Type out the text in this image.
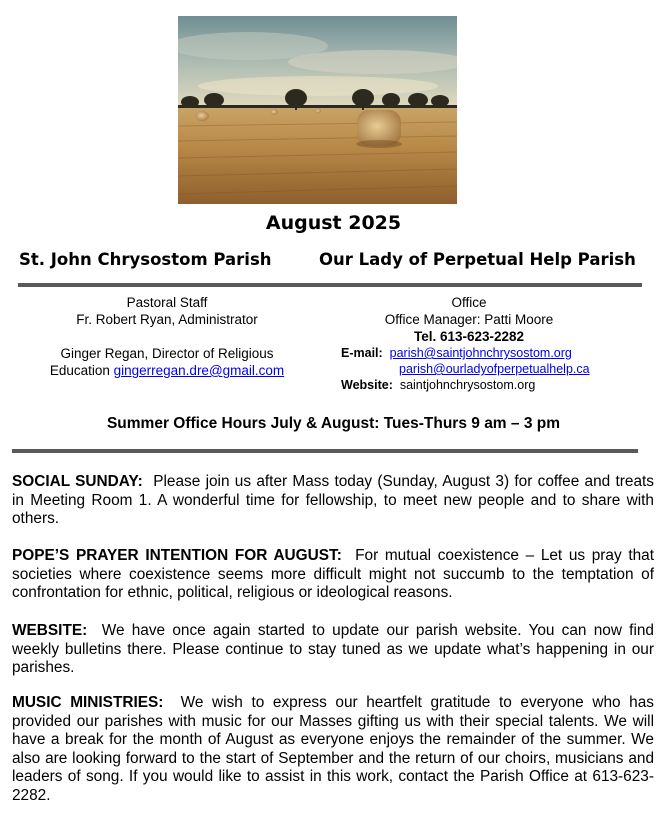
August 2025
St. John Chrysostom Parish	Our Lady of Perpetual Help Parish
Pastoral Staff
Fr. Robert Ryan, Administrator
Ginger Regan, Director of Religious
Education gingerregan.dre@gmail.com
Office
Office Manager: Patti Moore
Tel. 613-623-2282
E-mail: parish@saintjohnchrysostom.org
parish@ourladyofperpetualhelp.ca
Website: saintjohnchrysostom.org
Summer Office Hours July & August: Tues-Thurs 9 am – 3 pm
SOCIAL SUNDAY: Please join us after Mass today (Sunday, August 3) for coffee and treats in Meeting Room 1. A wonderful time for fellowship, to meet new people and to share with others.
POPE’S PRAYER INTENTION FOR AUGUST: For mutual coexistence – Let us pray that societies where coexistence seems more difficult might not succumb to the temptation of confrontation for ethnic, political, religious or ideological reasons.
WEBSITE: We have once again started to update our parish website. You can now find weekly bulletins there. Please continue to stay tuned as we update what’s happening in our parishes.
MUSIC MINISTRIES: We wish to express our heartfelt gratitude to everyone who has provided our parishes with music for our Masses gifting us with their special talents. We will have a break for the month of August as everyone enjoys the remainder of the summer. We also are looking forward to the start of September and the return of our choirs, musicians and leaders of song. If you would like to assist in this work, contact the Parish Office at 613-623-2282.
